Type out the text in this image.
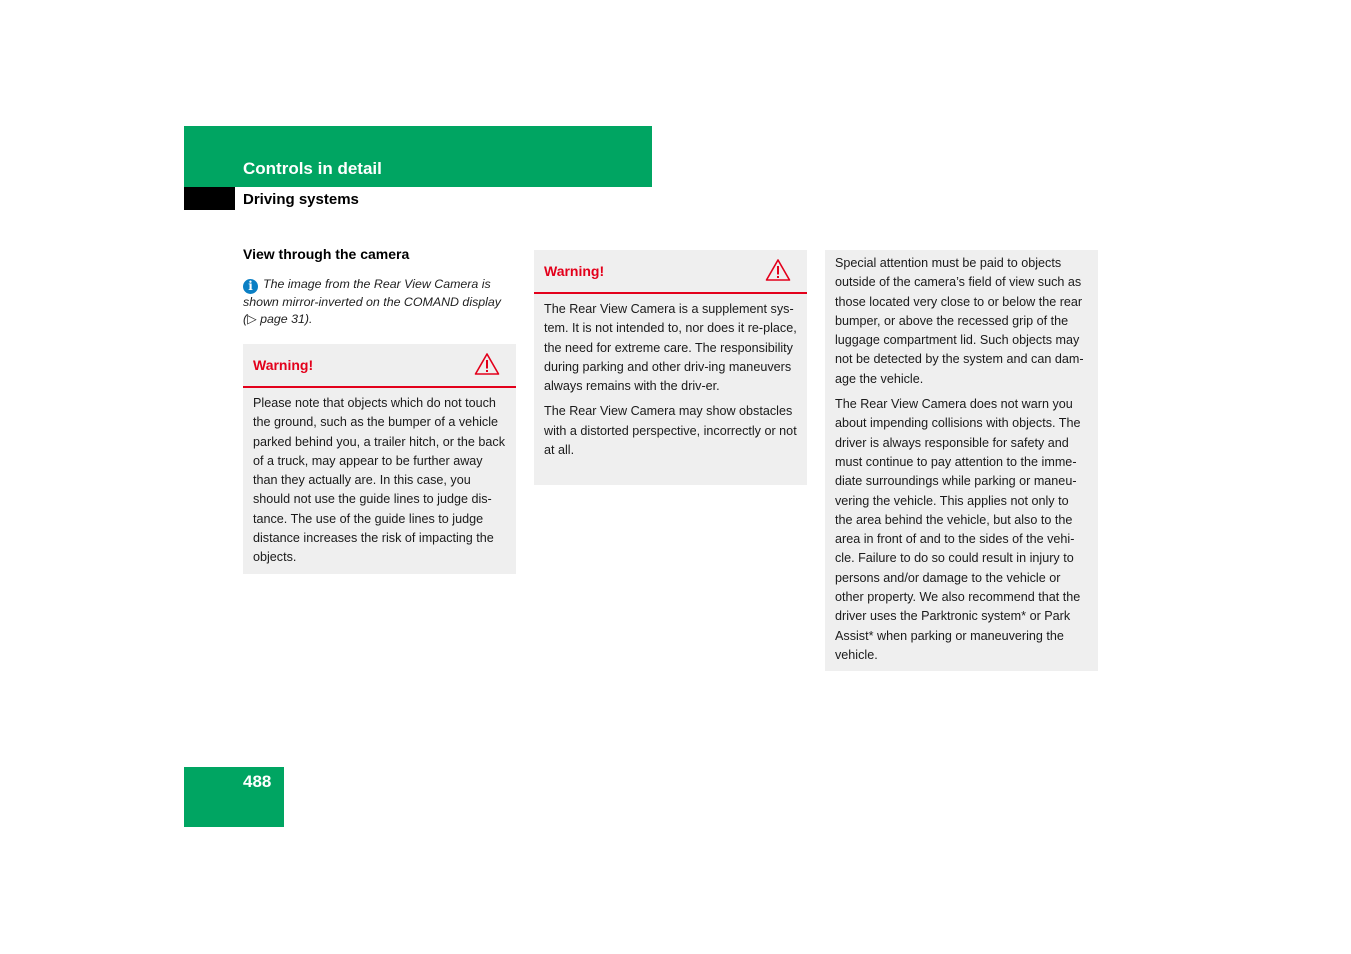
Controls in detail
Driving systems
View through the camera
i The image from the Rear View Camera is shown mirror-inverted on the COMAND display (▷ page 31).
Warning!

Please note that objects which do not touch the ground, such as the bumper of a vehicle parked behind you, a trailer hitch, or the back of a truck, may appear to be further away than they actually are. In this case, you should not use the guide lines to judge dis-tance. The use of the guide lines to judge distance increases the risk of impacting the objects.

Warning!

The Rear View Camera is a supplement sys-tem. It is not intended to, nor does it re-place, the need for extreme care. The responsibility during parking and other driv-ing maneuvers always remains with the driv-er.

The Rear View Camera may show obstacles with a distorted perspective, incorrectly or not at all.

Special attention must be paid to objects outside of the camera’s field of view such as those located very close to or below the rear bumper, or above the recessed grip of the luggage compartment lid. Such objects may not be detected by the system and can dam-age the vehicle.

The Rear View Camera does not warn you about impending collisions with objects. The driver is always responsible for safety and must continue to pay attention to the imme-diate surroundings while parking or maneu-vering the vehicle. This applies not only to the area behind the vehicle, but also to the area in front of and to the sides of the vehi-cle. Failure to do so could result in injury to persons and/or damage to the vehicle or other property. We also recommend that the driver uses the Parktronic system* or Park Assist* when parking or maneuvering the vehicle.

488
